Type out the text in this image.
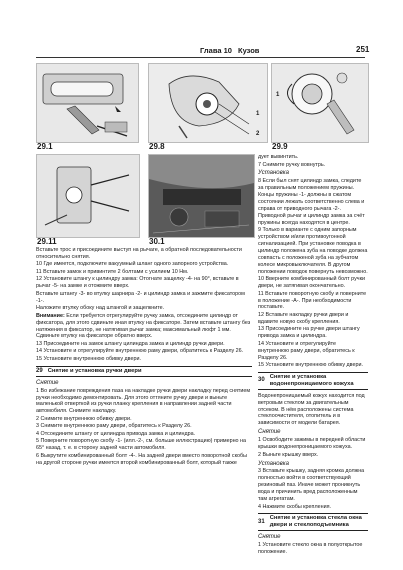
Глава 10 Кузов	251
29.1	29.8
1
2
29.9
1
29.11	30.1

Вставьте трос и присоедините выступ на рычаге, а обратной последовательности относительно снятия.

10 Где имеется, подключите вакуумный шланг одного запорного устройства.

11 Вставьте замок и привинтите 2 болтами с усилием 10 Нм.

12 Установите штангу к цилиндру замка: Отогнате защелку -4- на 90°, вставьте в рычаг -5- на замке и отожмите вверх.

Вставьте штангу -3- во втулку шарнира -2- и цилиндр замка и зажмите фиксатором -1-.

Наложите втулку обоку над штангой и защелкните.

Внимание: Если требуется отрегулируйте ручку замка, отсоедините цилиндр от фиксатора, для этого сдвиньте иная втулку на фиксаторе. Затем вставьте штангу без натяжения в фиксатор, не натягивая рычаг замка; максимальный люфт 1 мм. Сдвиньте втулку на фиксаторе обратно вверх.

13 Присоедините на замок штангу цилиндра замка и цилиндр ручки двери.

14 Установите и отрегулируйте внутреннюю раму двери, обратитесь к Разделу 26.

15 Установите внутреннюю обивку двери.

29 Снятие и установка ручки двери
Снятие

1 Во избежание повреждения паза на накладке ручки двери накладку перед снятием ручки необходимо демонтировать. Для этого оттяните ручку двери и выньте маленькой отверткой из ручки планку крепления в направлении задней части автомобиля. Снимите накладку.

2 Снимите внутреннюю обивку двери.

3 Снимите внутреннюю раму двери, обратитесь к Разделу 26.

4 Отсоедините штангу от цилиндра привода замка и цилиндра.

5 Поверните поворотную скобу -1- (илл.-2-, см. больше иллюстрацию) примерно на 65° назад, т. е. в сторону задней части автомобиля.

6 Выкрутите комбинированный болт -4-. На задней двери вместо поворотной скобы на другой стороне ручки имеется второй комбинированный болт, который также

дует вывинтить.

7 Снимите ручку вовнутрь.

Установка

8 Если был снят цилиндр замка, следите за правильным положением пружины. Концы пружины -1- должны в сжатом состоянии лежать соответственно слева и справа от приводного рычага -2-. Приводной рычаг и цилиндр замка за счёт пружины всегда находятся в центре.

9 Только в варианте с одним запорным устройством и/или противоугонной сигнализацией. При установке поводка в цилиндр положена зуба на поводке должна совпасть с положеной зуба на зубчатом колесе микровыключателя. В другом положении поводок повернуть невозможно.

10 Вверните комбинированный болт ручки двери, не затягивая окончательно.

11 Вставьте поворотную скобу и поверните в положение -А-. При необходимости поставьте.

12 Вставьте накладку ручки двери и вдавите новую скобу крепления.

13 Присоедините на ручке двери штангу привода замка и цилиндра.

14 Установите и отрегулируйте внутреннюю раму двери, обратитесь к Разделу 26.

15 Установите внутреннюю обивку двери.

30
Снятие и установка водонепроницаемого кожуха

Водонепроницаемый кожух находится под ветровым стеклом за двигательным отсеком. В нём расположены система стеклоочистителя, отопитель и в зависимости от модели батарея.

Снятие

1 Освободите зажимы в передней области крышки водонепроницаемого кожуха.

2 Выньте крышку вверх.

Установка

3 Вставьте крышку, задняя кромка должна полностью войти в соответствующий резиновый паз. Иначе может проникнуть вода и причинить вред расположенным там агрегатам.

4 Нажмите скобы крепления.

31
Снятие и установка стекла окна двери и стеклоподъемника
Снятие

1 Установите стекло окна в полуоткрытое положение.
